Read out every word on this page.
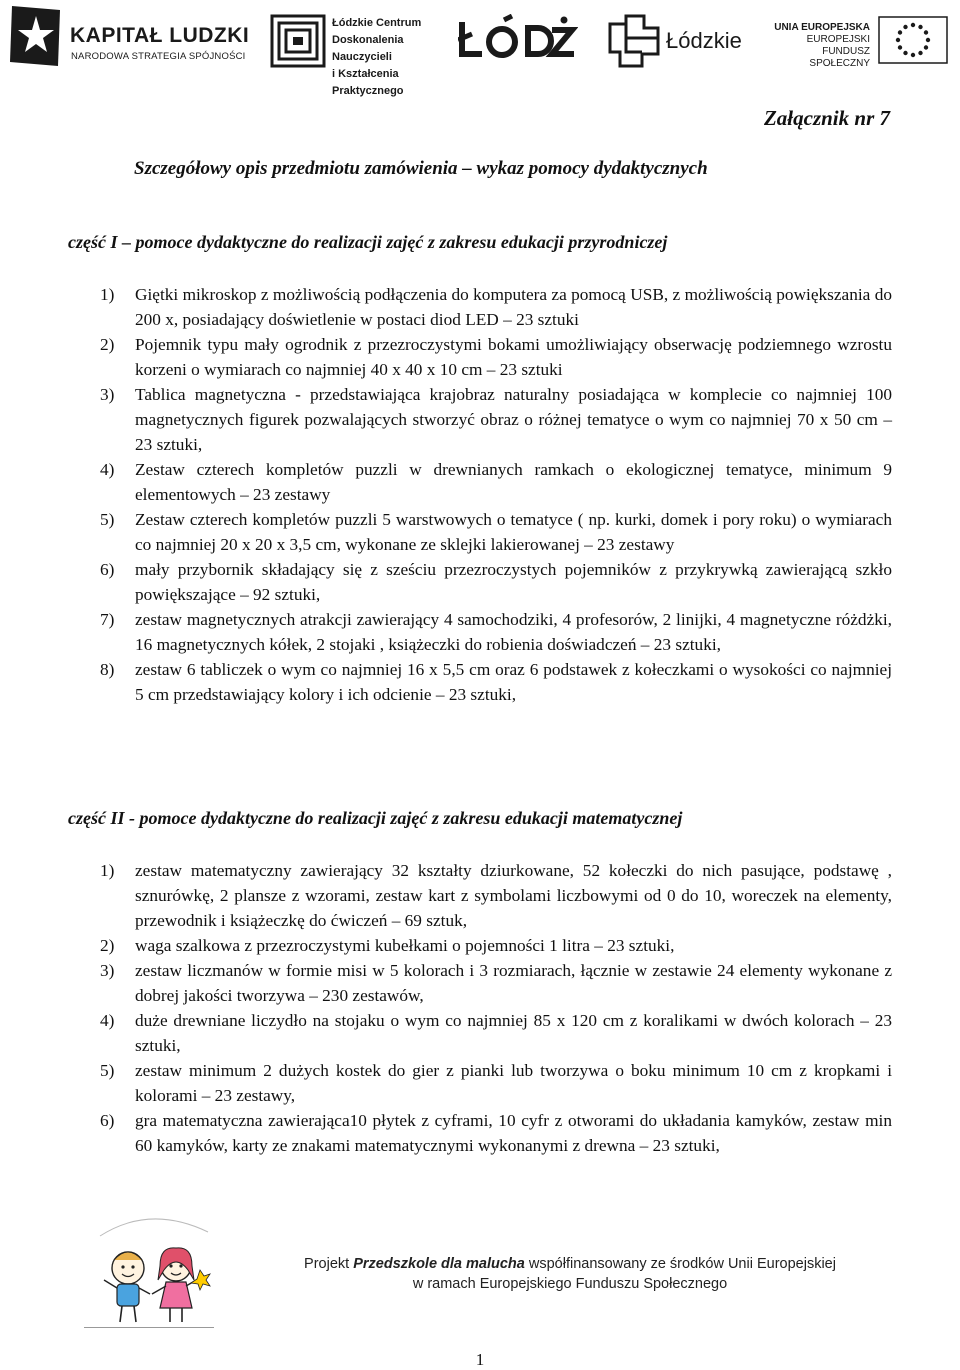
KAPITAŁ LUDZKI
NARODOWA STRATEGIA SPÓJNOŚCI
Łódzkie Centrum
Doskonalenia Nauczycieli
i Kształcenia Praktycznego
Łódzkie
UNIA EUROPEJSKA
EUROPEJSKI
FUNDUSZ SPOŁECZNY
Załącznik nr 7
Szczegółowy opis przedmiotu zamówienia – wykaz pomocy dydaktycznych
część I – pomoce dydaktyczne do realizacji zajęć z zakresu edukacji przyrodniczej
1) Giętki mikroskop z możliwością podłączenia do komputera za pomocą USB, z możliwością powiększania do 200 x, posiadający doświetlenie w postaci diod LED – 23 sztuki
2) Pojemnik typu mały ogrodnik z przezroczystymi bokami umożliwiający obserwację podziemnego wzrostu korzeni o wymiarach co najmniej 40 x 40 x 10 cm – 23 sztuki
3) Tablica magnetyczna - przedstawiająca krajobraz naturalny posiadająca w komplecie co najmniej 100 magnetycznych figurek pozwalających stworzyć obraz o różnej tematyce o wym co najmniej 70 x 50 cm – 23 sztuki,
4) Zestaw czterech kompletów puzzli w drewnianych ramkach o ekologicznej tematyce, minimum 9 elementowych – 23 zestawy
5) Zestaw czterech kompletów puzzli 5 warstwowych o tematyce ( np. kurki, domek i pory roku) o wymiarach co najmniej 20 x 20 x 3,5 cm, wykonane ze sklejki lakierowanej – 23 zestawy
6) mały przybornik składający się z sześciu przezroczystych pojemników z przykrywką zawierającą szkło powiększające – 92 sztuki,
7) zestaw magnetycznych atrakcji zawierający 4 samochodziki, 4 profesorów, 2 linijki, 4 magnetyczne różdżki, 16 magnetycznych kółek, 2 stojaki , książeczki do robienia doświadczeń – 23 sztuki,
8) zestaw 6 tabliczek o wym co najmniej 16 x 5,5 cm oraz 6 podstawek z kołeczkami o wysokości co najmniej 5 cm przedstawiający kolory i ich odcienie – 23 sztuki,
część II - pomoce dydaktyczne do realizacji zajęć z zakresu edukacji matematycznej
1) zestaw matematyczny zawierający 32 kształty dziurkowane, 52 kołeczki do nich pasujące, podstawę , sznurówkę, 2 plansze z wzorami, zestaw kart z symbolami liczbowymi od 0 do 10, woreczek na elementy, przewodnik i książeczkę do ćwiczeń – 69 sztuk,
2) waga szalkowa z przezroczystymi kubełkami o pojemności 1 litra – 23 sztuki,
3) zestaw liczmanów w formie misi w 5 kolorach i 3 rozmiarach, łącznie w zestawie 24 elementy wykonane z dobrej jakości tworzywa – 230 zestawów,
4) duże drewniane liczydło na stojaku o wym co najmniej 85 x 120 cm z koralikami w dwóch kolorach – 23 sztuki,
5) zestaw minimum 2 dużych kostek do gier z pianki lub tworzywa o boku minimum 10 cm z kropkami i kolorami – 23 zestawy,
6) gra matematyczna zawierająca10 płytek z cyframi, 10 cyfr z otworami do układania kamyków, zestaw min 60 kamyków, karty ze znakami matematycznymi wykonanymi z drewna – 23 sztuki,
Projekt Przedszkole dla malucha współfinansowany ze środków Unii Europejskiej
w ramach Europejskiego Funduszu Społecznego
1
